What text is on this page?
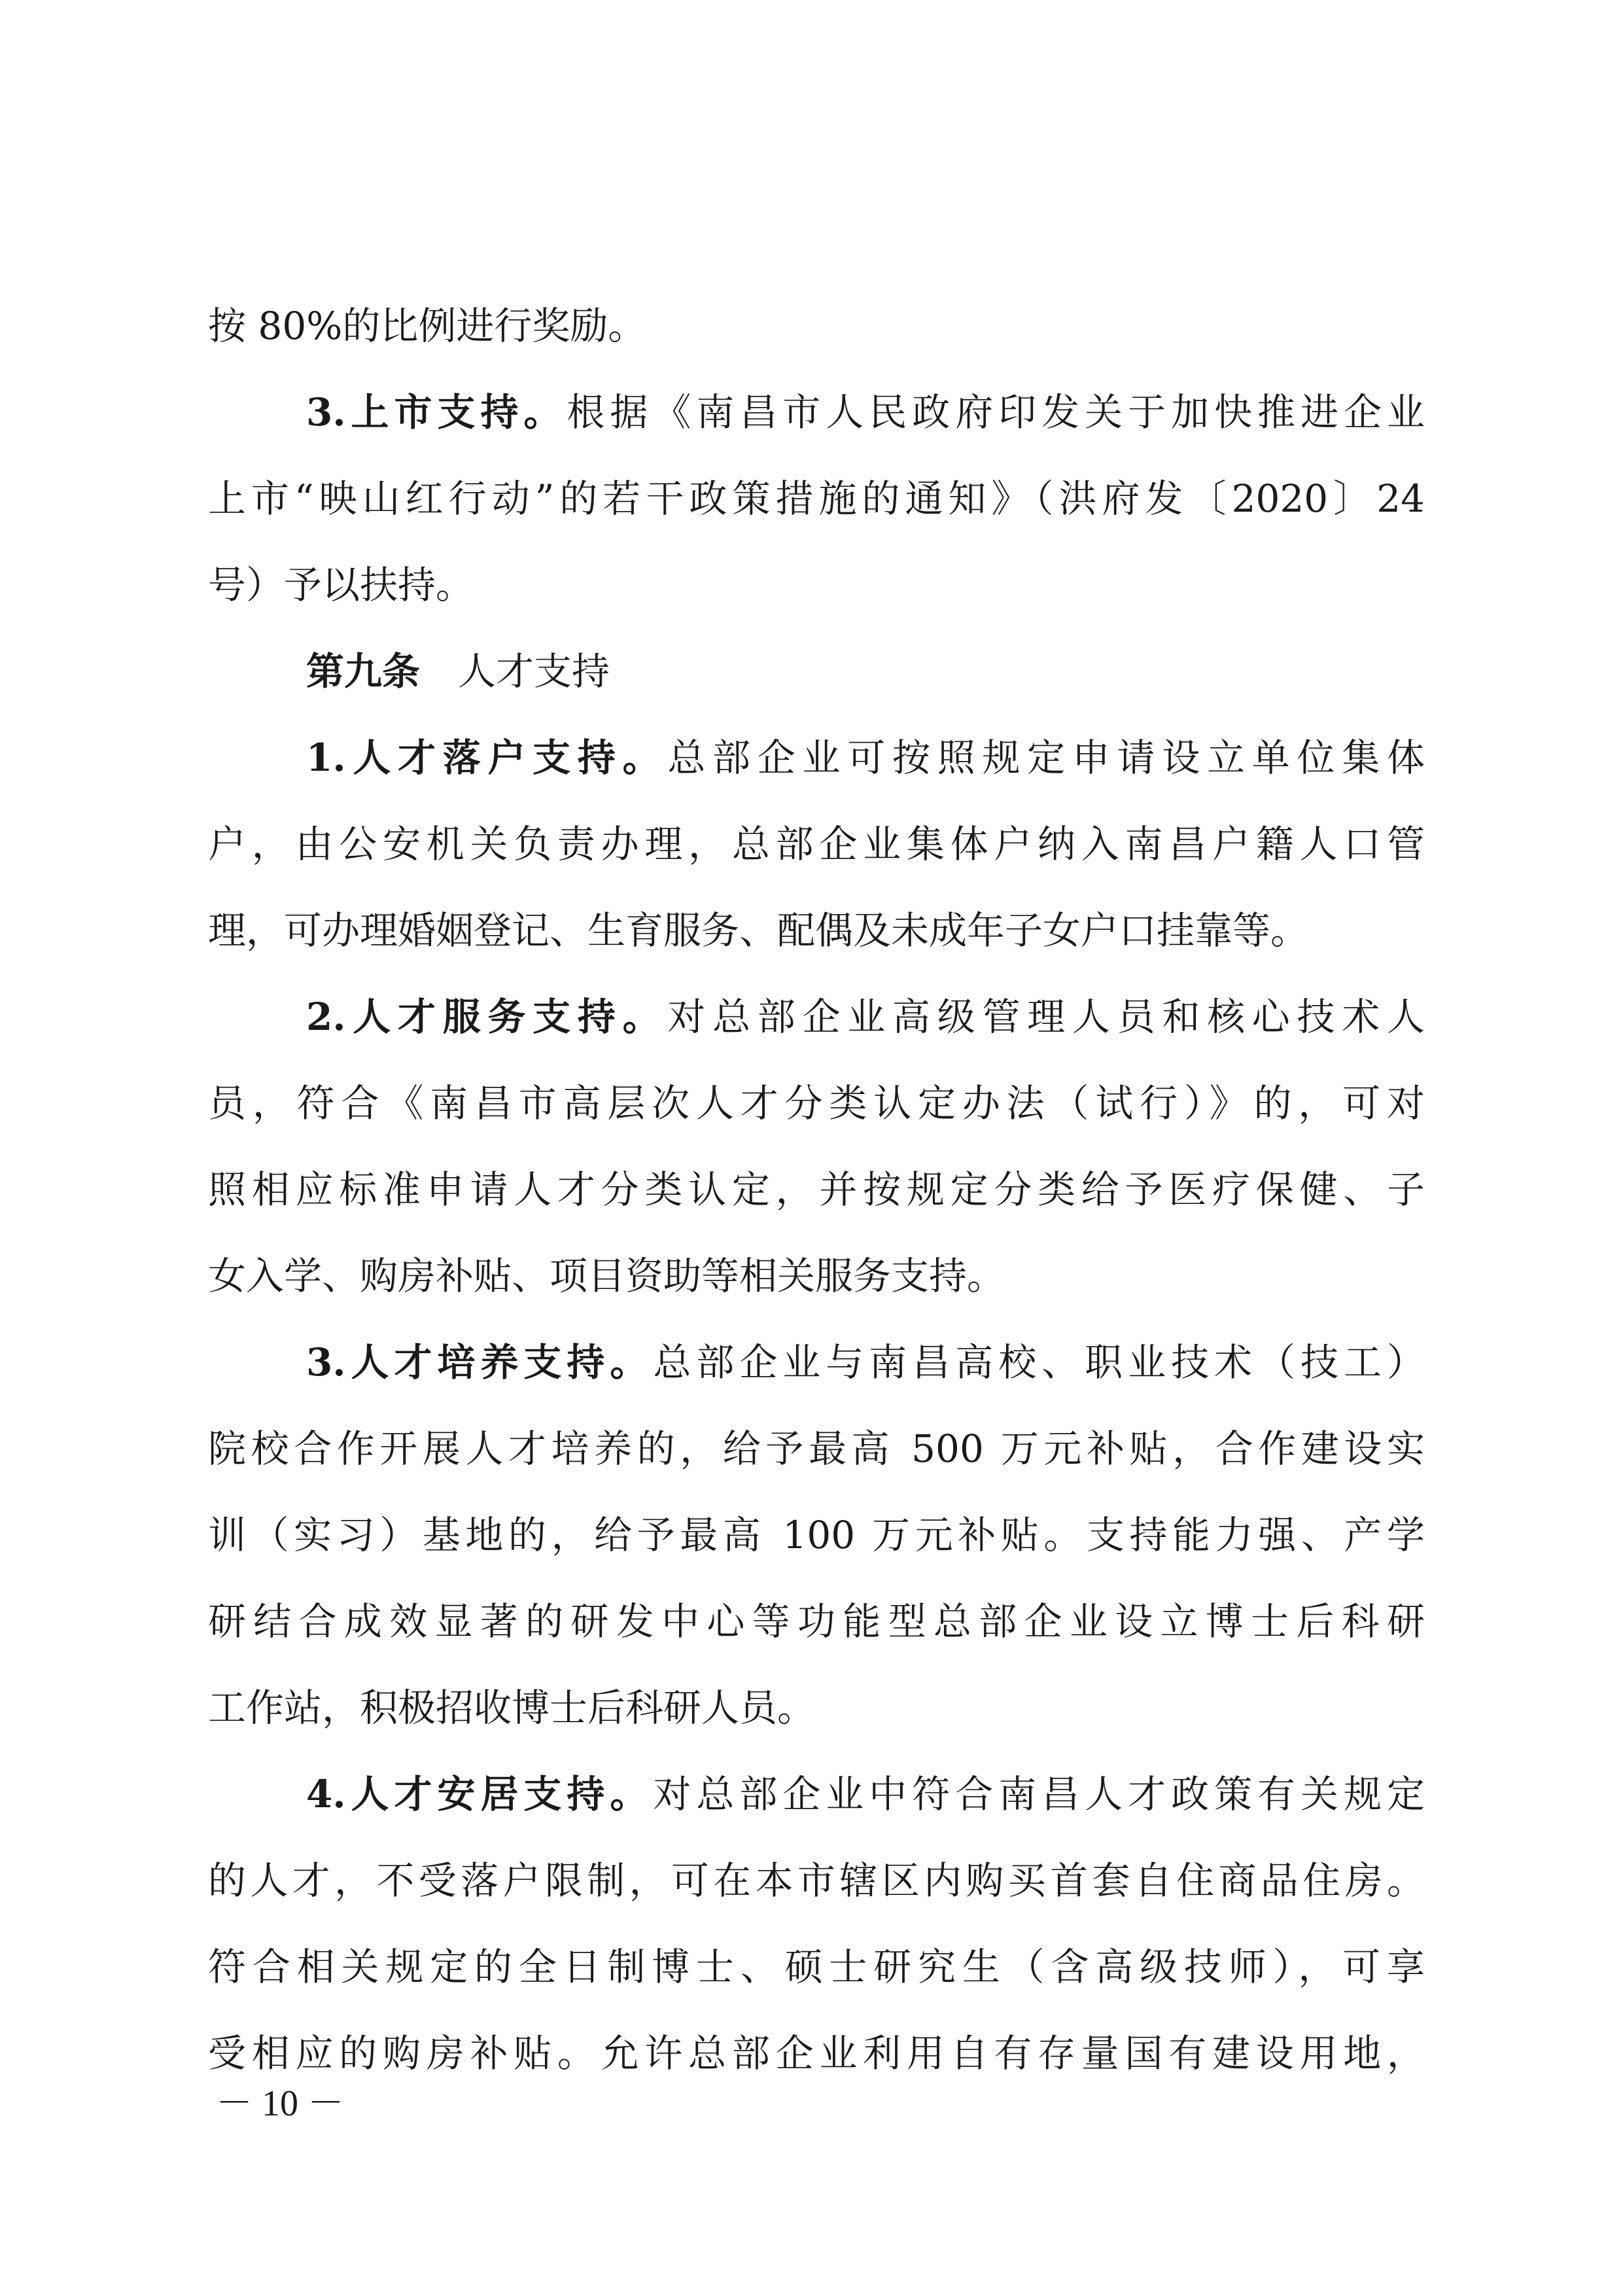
按 80%的比例进行奖励。
3.上市支持。根据《南昌市人民政府印发关于加快推进企业
上市“映山红行动”的若干政策措施的通知》（洪府发〔2020〕24
号）予以扶持。
第九条　人才支持
1.人才落户支持。总部企业可按照规定申请设立单位集体
户，由公安机关负责办理，总部企业集体户纳入南昌户籍人口管
理，可办理婚姻登记、生育服务、配偶及未成年子女户口挂靠等。
2.人才服务支持。对总部企业高级管理人员和核心技术人
员，符合《南昌市高层次人才分类认定办法（试行）》的，可对
照相应标准申请人才分类认定，并按规定分类给予医疗保健、子
女入学、购房补贴、项目资助等相关服务支持。
3.人才培养支持。总部企业与南昌高校、职业技术（技工）
院校合作开展人才培养的，给予最高 500 万元补贴，合作建设实
训（实习）基地的，给予最高 100 万元补贴。支持能力强、产学
研结合成效显著的研发中心等功能型总部企业设立博士后科研
工作站，积极招收博士后科研人员。
4.人才安居支持。对总部企业中符合南昌人才政策有关规定
的人才，不受落户限制，可在本市辖区内购买首套自住商品住房。
符合相关规定的全日制博士、硕士研究生（含高级技师），可享
受相应的购房补贴。允许总部企业利用自有存量国有建设用地，
－ 10 －
